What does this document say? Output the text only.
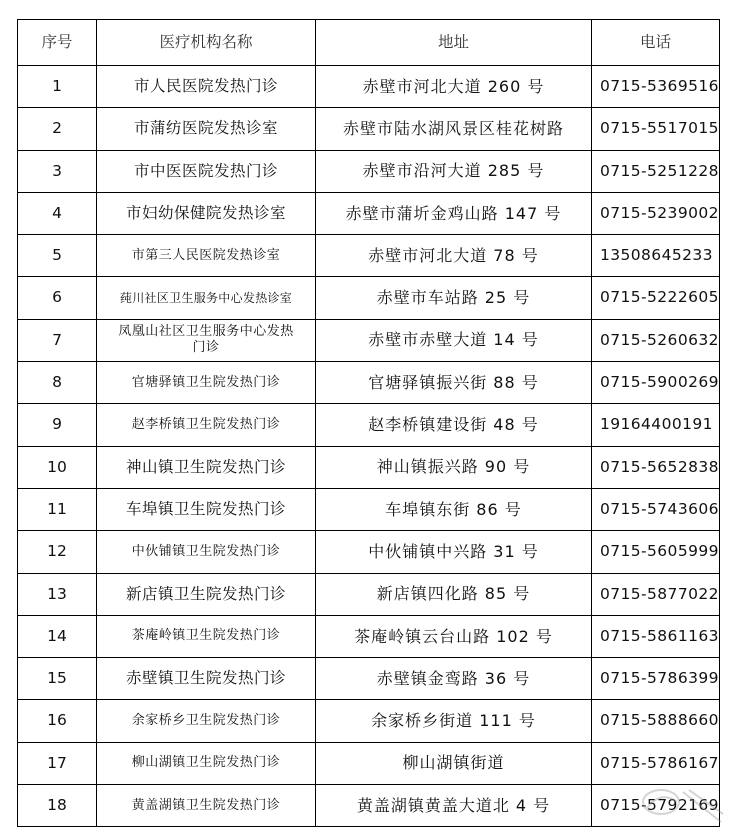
序号	医疗机构名称	地址	电话
1	市人民医院发热门诊	赤壁市河北大道 260 号	0715-5369516
2	市蒲纺医院发热诊室	赤壁市陆水湖风景区桂花树路	0715-5517015
3	市中医医院发热门诊	赤壁市沿河大道 285 号	0715-5251228
4	市妇幼保健院发热诊室	赤壁市蒲圻金鸡山路 147 号	0715-5239002
5	市第三人民医院发热诊室	赤壁市河北大道 78 号	13508645233
6	莼川社区卫生服务中心发热诊室	赤壁市车站路 25 号	0715-5222605
7	凤凰山社区卫生服务中心发热门诊	赤壁市赤壁大道 14 号	0715-5260632
8	官塘驿镇卫生院发热门诊	官塘驿镇振兴街 88 号	0715-5900269
9	赵李桥镇卫生院发热门诊	赵李桥镇建设街 48 号	19164400191
10	神山镇卫生院发热门诊	神山镇振兴路 90 号	0715-5652838
11	车埠镇卫生院发热门诊	车埠镇东街 86 号	0715-5743606
12	中伙铺镇卫生院发热门诊	中伙铺镇中兴路 31 号	0715-5605999
13	新店镇卫生院发热门诊	新店镇四化路 85 号	0715-5877022
14	茶庵岭镇卫生院发热门诊	茶庵岭镇云台山路 102 号	0715-5861163
15	赤壁镇卫生院发热门诊	赤壁镇金鸾路 36 号	0715-5786399
16	余家桥乡卫生院发热门诊	余家桥乡街道 111 号	0715-5888660
17	柳山湖镇卫生院发热门诊	柳山湖镇街道	0715-5786167
18	黄盖湖镇卫生院发热门诊	黄盖湖镇黄盖大道北 4 号	0715-5792169
